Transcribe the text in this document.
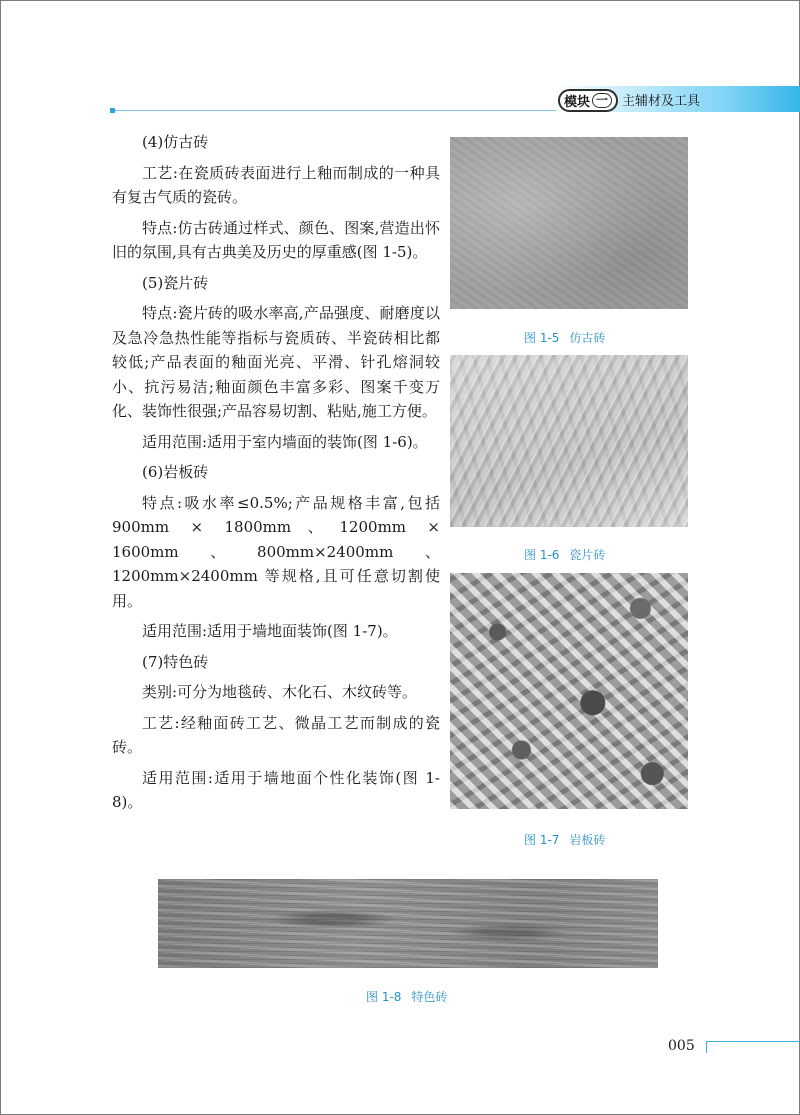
模块 一	主辅材及工具

(4)仿古砖

工艺:在瓷质砖表面进行上釉而制成的一种具有复古气质的瓷砖。

特点:仿古砖通过样式、颜色、图案,营造出怀旧的氛围,具有古典美及历史的厚重感(图 1-5)。

(5)瓷片砖

特点:瓷片砖的吸水率高,产品强度、耐磨度以及急冷急热性能等指标与瓷质砖、半瓷砖相比都较低;产品表面的釉面光亮、平滑、针孔熔洞较小、抗污易洁;釉面颜色丰富多彩、图案千变万化、装饰性很强;产品容易切割、粘贴,施工方便。

适用范围:适用于室内墙面的装饰(图 1-6)。

(6)岩板砖

特点:吸水率≤0.5%;产品规格丰富,包括 900mm × 1800mm、1200mm × 1600mm、800mm×2400mm、1200mm×2400mm 等规格,且可任意切割使用。

适用范围:适用于墙地面装饰(图 1-7)。

(7)特色砖

类别:可分为地毯砖、木化石、木纹砖等。

工艺:经釉面砖工艺、微晶工艺而制成的瓷砖。

适用范围:适用于墙地面个性化装饰(图 1-8)。

图 1-5 仿古砖
图 1-6 瓷片砖
图 1-7 岩板砖
图 1-8 特色砖
005
